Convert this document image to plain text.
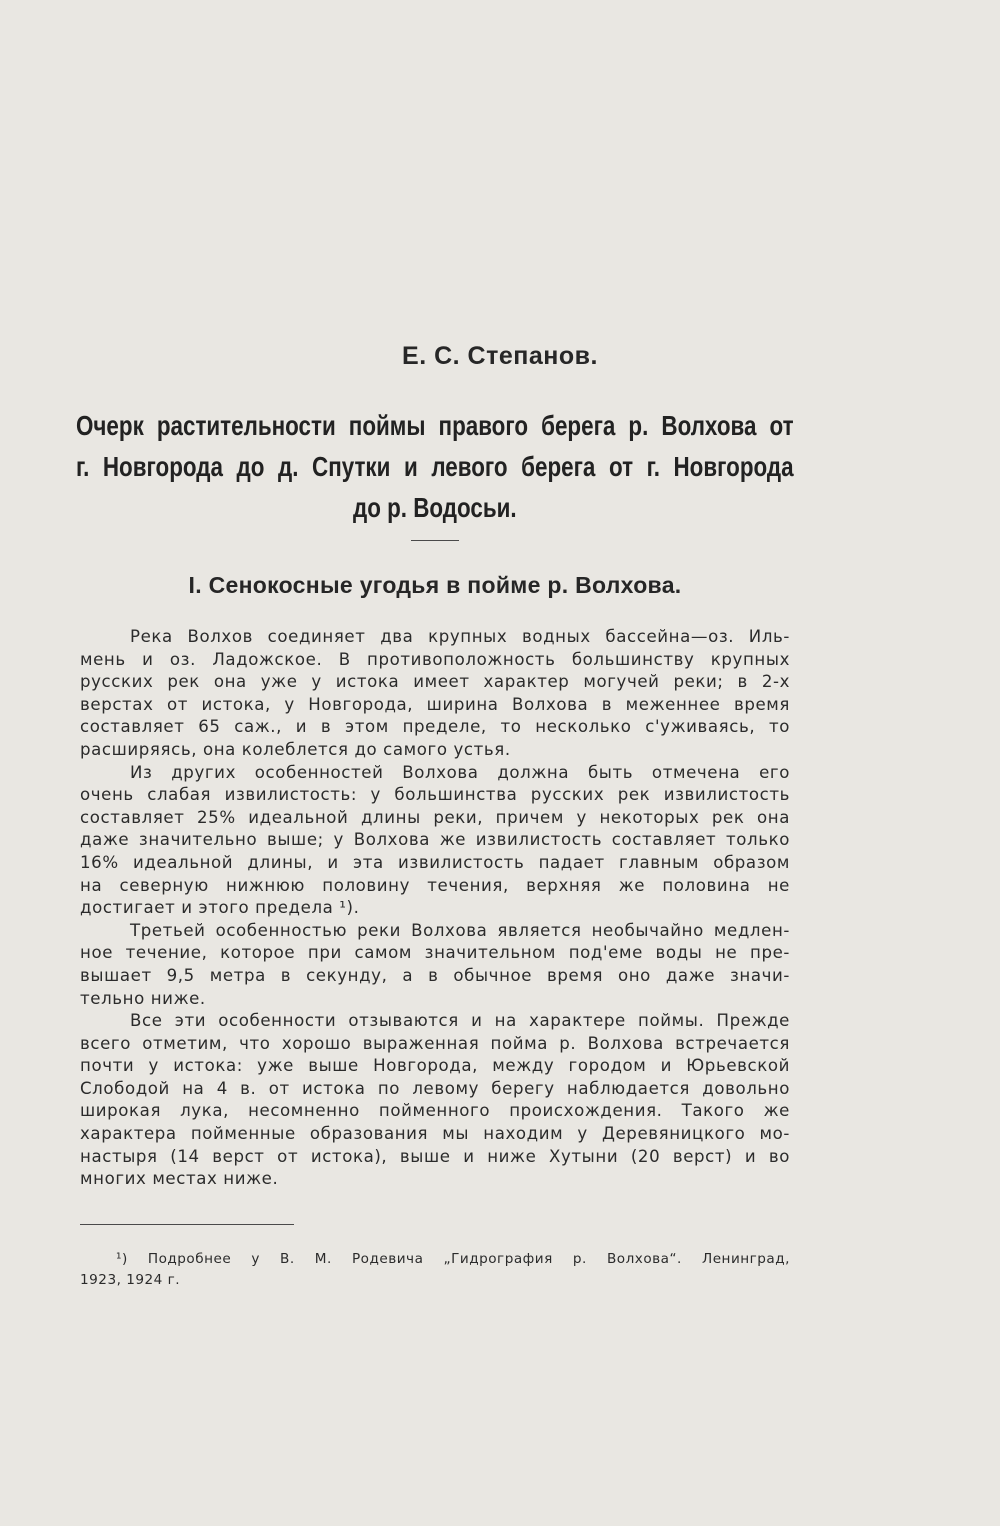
Е. С. Степанов.
Очерк растительности поймы правого берега р. Волхова от
г. Новгорода до д. Спутки и левого берега от г. Новгорода
до р. Водосьи.
I. Сенокосные угодья в пойме р. Волхова.

Река Волхов соединяет два крупных водных бассейна—оз. Иль-
мень и оз. Ладожское. В противоположность большинству крупных
русских рек она уже у истока имеет характер могучей реки; в 2-х
верстах от истока, у Новгорода, ширина Волхова в меженнее время
составляет 65 саж., и в этом пределе, то несколько с'уживаясь, то
расширяясь, она колеблется до самого устья.

Из других особенностей Волхова должна быть отмечена его
очень слабая извилистость: у большинства русских рек извилистость
составляет 25% идеальной длины реки, причем у некоторых рек она
даже значительно выше; у Волхова же извилистость составляет только
16% идеальной длины, и эта извилистость падает главным образом
на северную нижнюю половину течения, верхняя же половина не
достигает и этого предела ¹).

Третьей особенностью реки Волхова является необычайно медлен-
ное течение, которое при самом значительном под'еме воды не пре-
вышает 9,5 метра в секунду, а в обычное время оно даже значи-
тельно ниже.

Все эти особенности отзываются и на характере поймы. Прежде
всего отметим, что хорошо выраженная пойма р. Волхова встречается
почти у истока: уже выше Новгорода, между городом и Юрьевской
Слободой на 4 в. от истока по левому берегу наблюдается довольно
широкая лука, несомненно пойменного происхождения. Такого же
характера пойменные образования мы находим у Деревяницкого мо-
настыря (14 верст от истока), выше и ниже Хутыни (20 верст) и во
многих местах ниже.

¹) Подробнее у В. М. Родевича „Гидрография р. Волхова“. Ленинград,
1923, 1924 г.
